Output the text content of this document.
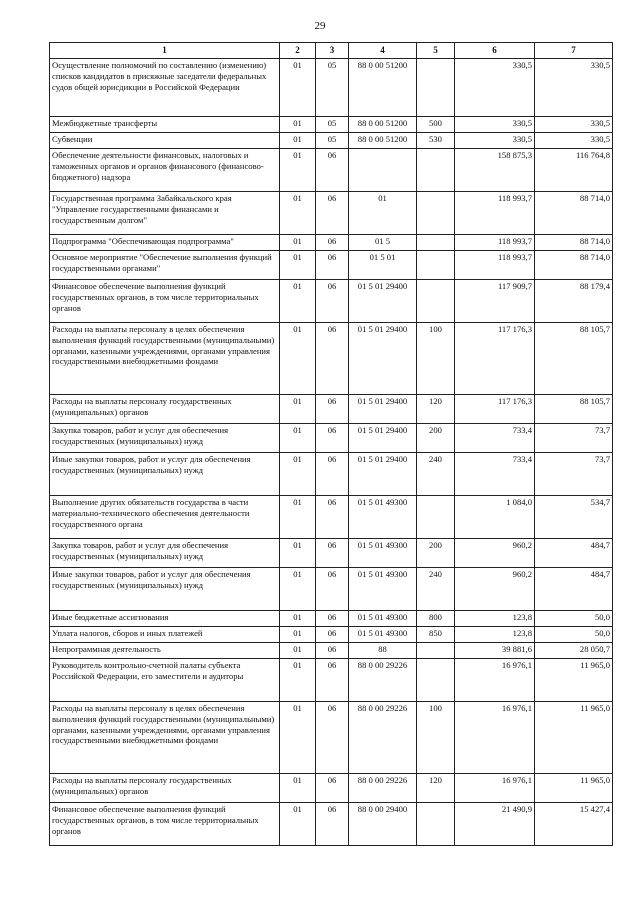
29
1	2	3	4	5	6	7
Осуществление полномочий по составлению (изменению) списков кандидатов в присяжные заседатели федеральных судов общей юрисдикции в Российской Федерации	01	05	88 0 00 51200		330,5	330,5
Межбюджетные трансферты	01	05	88 0 00 51200	500	330,5	330,5
Субвенции	01	05	88 0 00 51200	530	330,5	330,5
Обеспечение деятельности финансовых, налоговых и таможенных органов и органов финансового (финансово-бюджетного) надзора	01	06			158 875,3	116 764,8
Государственная программа Забайкальского края "Управление государственными финансами и государственным долгом"	01	06	01		118 993,7	88 714,0
Подпрограмма "Обеспечивающая подпрограмма"	01	06	01 5		118 993,7	88 714,0
Основное мероприятие "Обеспечение выполнения функций государственными органами"	01	06	01 5 01		118 993,7	88 714,0
Финансовое обеспечение выполнения функций государственных органов, в том числе территориальных органов	01	06	01 5 01 29400		117 909,7	88 179,4
Расходы на выплаты персоналу в целях обеспечения выполнения функций государственными (муниципальными) органами, казенными учреждениями, органами управления государственными внебюджетными фондами	01	06	01 5 01 29400	100	117 176,3	88 105,7
Расходы на выплаты персоналу государственных (муниципальных) органов	01	06	01 5 01 29400	120	117 176,3	88 105,7
Закупка товаров, работ и услуг для обеспечения государственных (муниципальных) нужд	01	06	01 5 01 29400	200	733,4	73,7
Иные закупки товаров, работ и услуг для обеспечения государственных (муниципальных) нужд	01	06	01 5 01 29400	240	733,4	73,7
Выполнение других обязательств государства в части материально-технического обеспечения деятельности государственного органа	01	06	01 5 01 49300		1 084,0	534,7
Закупка товаров, работ и услуг для обеспечения государственных (муниципальных) нужд	01	06	01 5 01 49300	200	960,2	484,7
Иные закупки товаров, работ и услуг для обеспечения государственных (муниципальных) нужд	01	06	01 5 01 49300	240	960,2	484,7
Иные бюджетные ассигнования	01	06	01 5 01 49300	800	123,8	50,0
Уплата налогов, сборов и иных платежей	01	06	01 5 01 49300	850	123,8	50,0
Непрограммная деятельность	01	06	88		39 881,6	28 050,7
Руководитель контрольно-счетной палаты субъекта Российской Федерации, его заместители и аудиторы	01	06	88 0 00 29226		16 976,1	11 965,0
Расходы на выплаты персоналу в целях обеспечения выполнения функций государственными (муниципальными) органами, казенными учреждениями, органами управления государственными внебюджетными фондами	01	06	88 0 00 29226	100	16 976,1	11 965,0
Расходы на выплаты персоналу государственных (муниципальных) органов	01	06	88 0 00 29226	120	16 976,1	11 965,0
Финансовое обеспечение выполнения функций государственных органов, в том числе территориальных органов	01	06	88 0 00 29400		21 490,9	15 427,4
